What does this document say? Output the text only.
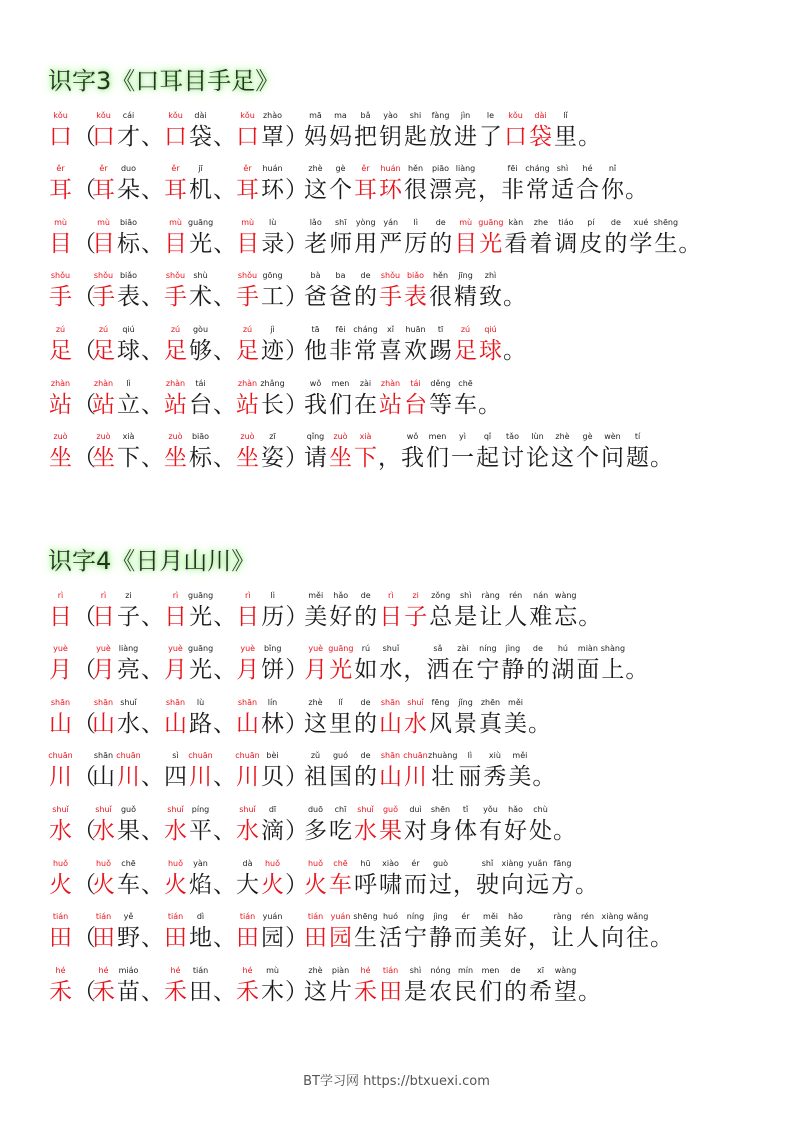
识字3《口耳目手足》
kǒu
口 （
kǒu
口
cái
才 、
kǒu
口
dài
袋 、
kǒu
口
zhào
罩 ）
mā
妈
ma
妈
bǎ
把
yào
钥
shi
匙
fàng
放
jìn
进
le
了
kǒu
口
dài
袋
lǐ
里 。
ěr
耳 （
ěr
耳
duo
朵 、
ěr
耳
jī
机 、
ěr
耳
huán
环 ）
zhè
这
gè
个
ěr
耳
huán
环
hěn
很
piāo
漂
liàng
亮 ，
fēi
非
cháng
常
shì
适
hé
合
nǐ
你 。
mù
目 （
mù
目
biāo
标 、
mù
目
guāng
光 、
mù
目
lù
录 ）
lǎo
老
shī
师
yòng
用
yán
严
lì
厉
de
的
mù
目
guāng
光
kàn
看
zhe
着
tiáo
调
pí
皮
de
的
xué
学
shēng
生 。
shǒu
手 （
shǒu
手
biǎo
表 、
shǒu
手
shù
术 、
shǒu
手
gōng
工 ）
bà
爸
ba
爸
de
的
shǒu
手
biǎo
表
hěn
很
jīng
精
zhì
致 。
zú
足 （
zú
足
qiú
球 、
zú
足
gòu
够 、
zú
足
jì
迹 ）
tā
他
fēi
非
cháng
常
xǐ
喜
huān
欢
tī
踢
zú
足
qiú
球 。
zhàn
站 （
zhàn
站
lì
立 、
zhàn
站
tái
台 、
zhàn
站
zhǎng
长 ）
wǒ
我
men
们
zài
在
zhàn
站
tái
台
děng
等
chē
车 。
zuò
坐 （
zuò
坐
xià
下 、
zuò
坐
biāo
标 、
zuò
坐
zī
姿 ）
qǐng
请
zuò
坐
xià
下 ，
wǒ
我
men
们
yì
一
qǐ
起
tǎo
讨
lùn
论
zhè
这
gè
个
wèn
问
tí
题 。
识字4《日月山川》
rì
日 （
rì
日
zi
子 、
rì
日
guāng
光 、
rì
日
lì
历 ）
měi
美
hǎo
好
de
的
rì
日
zi
子
zǒng
总
shì
是
ràng
让
rén
人
nán
难
wàng
忘 。
yuè
月 （
yuè
月
liàng
亮 、
yuè
月
guāng
光 、
yuè
月
bǐng
饼 ）
yuè
月
guāng
光
rú
如
shuǐ
水 ，
sǎ
洒
zài
在
níng
宁
jìng
静
de
的
hú
湖
miàn
面
shàng
上 。
shān
山 （
shān
山
shuǐ
水 、
shān
山
lù
路 、
shān
山
lín
林 ）
zhè
这
lǐ
里
de
的
shān
山
shuǐ
水
fēng
风
jǐng
景
zhēn
真
měi
美 。
chuān
川 （
shān
山
chuān
川 、
sì
四
chuān
川 、
chuān
川
bèi
贝 ）
zǔ
祖
guó
国
de
的
shān
山
chuān
川
zhuàng
壮
lì
丽
xiù
秀
měi
美 。
shuǐ
水 （
shuǐ
水
guǒ
果 、
shuǐ
水
píng
平 、
shuǐ
水
dī
滴 ）
duō
多
chī
吃
shuǐ
水
guǒ
果
duì
对
shēn
身
tǐ
体
yǒu
有
hǎo
好
chù
处 。
huǒ
火 （
huǒ
火
chē
车 、
huǒ
火
yàn
焰 、
dà
大
huǒ
火 ）
huǒ
火
chē
车
hū
呼
xiào
啸
ér
而
guò
过 ，
shǐ
驶
xiàng
向
yuǎn
远
fāng
方 。
tián
田 （
tián
田
yě
野 、
tián
田
dì
地 、
tián
田
yuán
园 ）
tián
田
yuán
园
shēng
生
huó
活
níng
宁
jìng
静
ér
而
měi
美
hǎo
好 ，
ràng
让
rén
人
xiàng
向
wǎng
往 。
hé
禾 （
hé
禾
miáo
苗 、
hé
禾
tián
田 、
hé
禾
mù
木 ）
zhè
这
piàn
片
hé
禾
tián
田
shì
是
nóng
农
mín
民
men
们
de
的
xī
希
wàng
望 。
BT学习网 https://btxuexi.com
